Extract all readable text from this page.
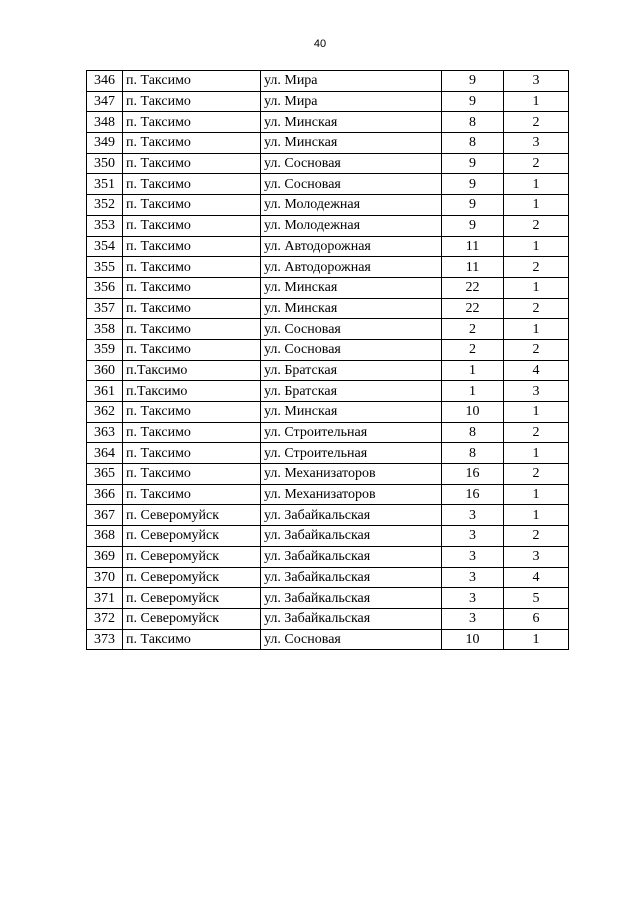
40
346	п. Таксимо	ул. Мира	9	3
347	п. Таксимо	ул. Мира	9	1
348	п. Таксимо	ул. Минская	8	2
349	п. Таксимо	ул. Минская	8	3
350	п. Таксимо	ул. Сосновая	9	2
351	п. Таксимо	ул. Сосновая	9	1
352	п. Таксимо	ул. Молодежная	9	1
353	п. Таксимо	ул. Молодежная	9	2
354	п. Таксимо	ул. Автодорожная	11	1
355	п. Таксимо	ул. Автодорожная	11	2
356	п. Таксимо	ул. Минская	22	1
357	п. Таксимо	ул. Минская	22	2
358	п. Таксимо	ул. Сосновая	2	1
359	п. Таксимо	ул. Сосновая	2	2
360	п.Таксимо	ул. Братская	1	4
361	п.Таксимо	ул. Братская	1	3
362	п. Таксимо	ул. Минская	10	1
363	п. Таксимо	ул. Строительная	8	2
364	п. Таксимо	ул. Строительная	8	1
365	п. Таксимо	ул. Механизаторов	16	2
366	п. Таксимо	ул. Механизаторов	16	1
367	п. Северомуйск	ул. Забайкальская	3	1
368	п. Северомуйск	ул. Забайкальская	3	2
369	п. Северомуйск	ул. Забайкальская	3	3
370	п. Северомуйск	ул. Забайкальская	3	4
371	п. Северомуйск	ул. Забайкальская	3	5
372	п. Северомуйск	ул. Забайкальская	3	6
373	п. Таксимо	ул. Сосновая	10	1
